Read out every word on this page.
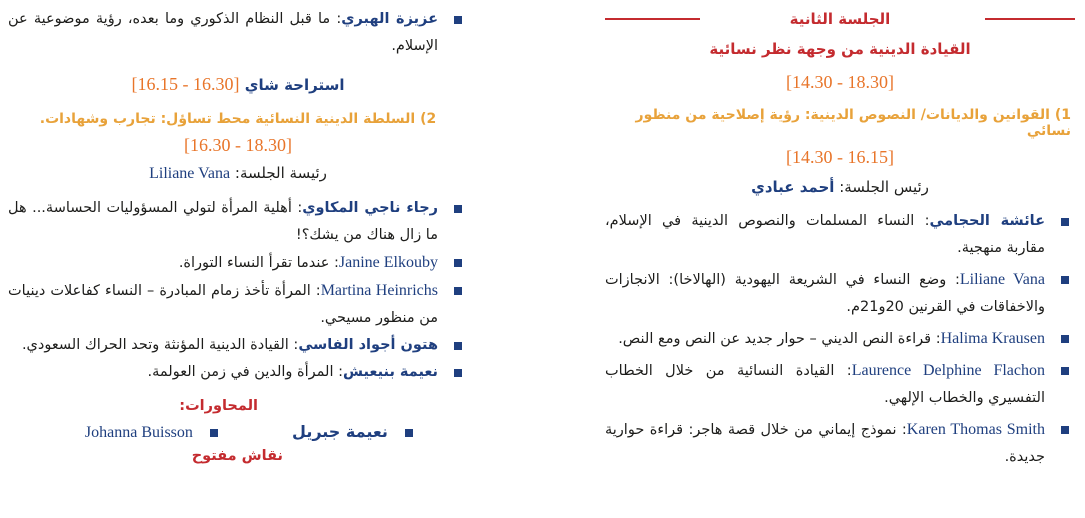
الجلسة الثانية
القيادة الدينية من وجهة نظر نسائية
[18.30 - 14.30]
1) القوانين والديانات/ النصوص الدينية: رؤية إصلاحية من منظور نسائي
[16.15 - 14.30]
رئيس الجلسة: أحمد عبادي
عائشة الحجامي: النساء المسلمات والنصوص الدينية في الإسلام، مقاربة منهجية.
Liliane Vana: وضع النساء في الشريعة اليهودية (الهالاخا): الانجازات والاخفاقات في القرنين 20و21م.
Halima Krausen: قراءة النص الديني – حوار جديد عن النص ومع النص.
Laurence Delphine Flachon: القيادة النسائية من خلال الخطاب التفسيري والخطاب الإلهي.
Karen Thomas Smith: نموذج إيماني من خلال قصة هاجر: قراءة حوارية جديدة.
عزيزة الهبري: ما قبل النظام الذكوري وما بعده، رؤية موضوعية عن الإسلام.
استراحة شاي [16.30 - 16.15]
2) السلطة الدينية النسائية محط تساؤل: تجارب وشهادات.
[18.30 - 16.30]
رئيسة الجلسة: Liliane Vana
رجاء ناجي المكاوي: أهلية المرأة لتولي المسؤوليات الحساسة... هل ما زال هناك من يشك؟!
Janine Elkouby: عندما تقرأ النساء التوراة.
Martina Heinrichs: المرأة تأخذ زمام المبادرة – النساء كفاعلات دينيات من منظور مسيحي.
هتون أجواد الفاسي: القيادة الدينية المؤنثة وتحد الحراك السعودي.
نعيمة بنيعيش: المرأة والدين في زمن العولمة.
المحاورات:
نعيمة جبريل
Johanna Buisson
نقاش مفتوح
